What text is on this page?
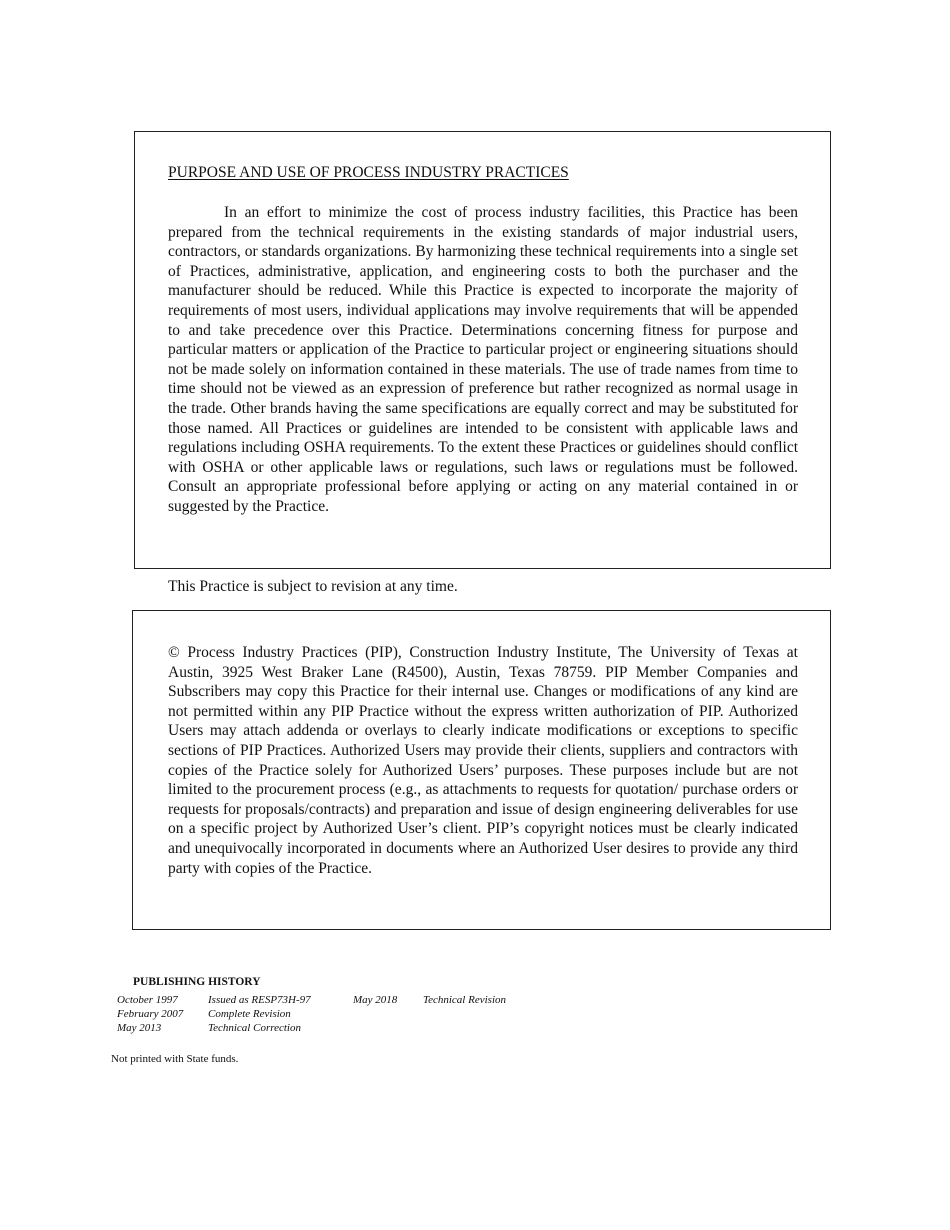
PURPOSE AND USE OF PROCESS INDUSTRY PRACTICES

In an effort to minimize the cost of process industry facilities, this Practice has been prepared from the technical requirements in the existing standards of major industrial users, contractors, or standards organizations. By harmonizing these technical requirements into a single set of Practices, administrative, application, and engineering costs to both the purchaser and the manufacturer should be reduced. While this Practice is expected to incorporate the majority of requirements of most users, individual applications may involve requirements that will be appended to and take precedence over this Practice. Determinations concerning fitness for purpose and particular matters or application of the Practice to particular project or engineering situations should not be made solely on information contained in these materials. The use of trade names from time to time should not be viewed as an expression of preference but rather recognized as normal usage in the trade. Other brands having the same specifications are equally correct and may be substituted for those named. All Practices or guidelines are intended to be consistent with applicable laws and regulations including OSHA requirements. To the extent these Practices or guidelines should conflict with OSHA or other applicable laws or regulations, such laws or regulations must be followed. Consult an appropriate professional before applying or acting on any material contained in or suggested by the Practice.

This Practice is subject to revision at any time.

© Process Industry Practices (PIP), Construction Industry Institute, The University of Texas at Austin, 3925 West Braker Lane (R4500), Austin, Texas 78759. PIP Member Companies and Subscribers may copy this Practice for their internal use. Changes or modifications of any kind are not permitted within any PIP Practice without the express written authorization of PIP. Authorized Users may attach addenda or overlays to clearly indicate modifications or exceptions to specific sections of PIP Practices. Authorized Users may provide their clients, suppliers and contractors with copies of the Practice solely for Authorized Users’ purposes. These purposes include but are not limited to the procurement process (e.g., as attachments to requests for quotation/ purchase orders or requests for proposals/contracts) and preparation and issue of design engineering deliverables for use on a specific project by Authorized User’s client. PIP’s copyright notices must be clearly indicated and unequivocally incorporated in documents where an Authorized User desires to provide any third party with copies of the Practice.

PUBLISHING HISTORY
October 1997	Issued as RESP73H-97
February 2007 Complete Revision
May 2013	Technical Correction
May 2018 Technical Revision
Not printed with State funds.
